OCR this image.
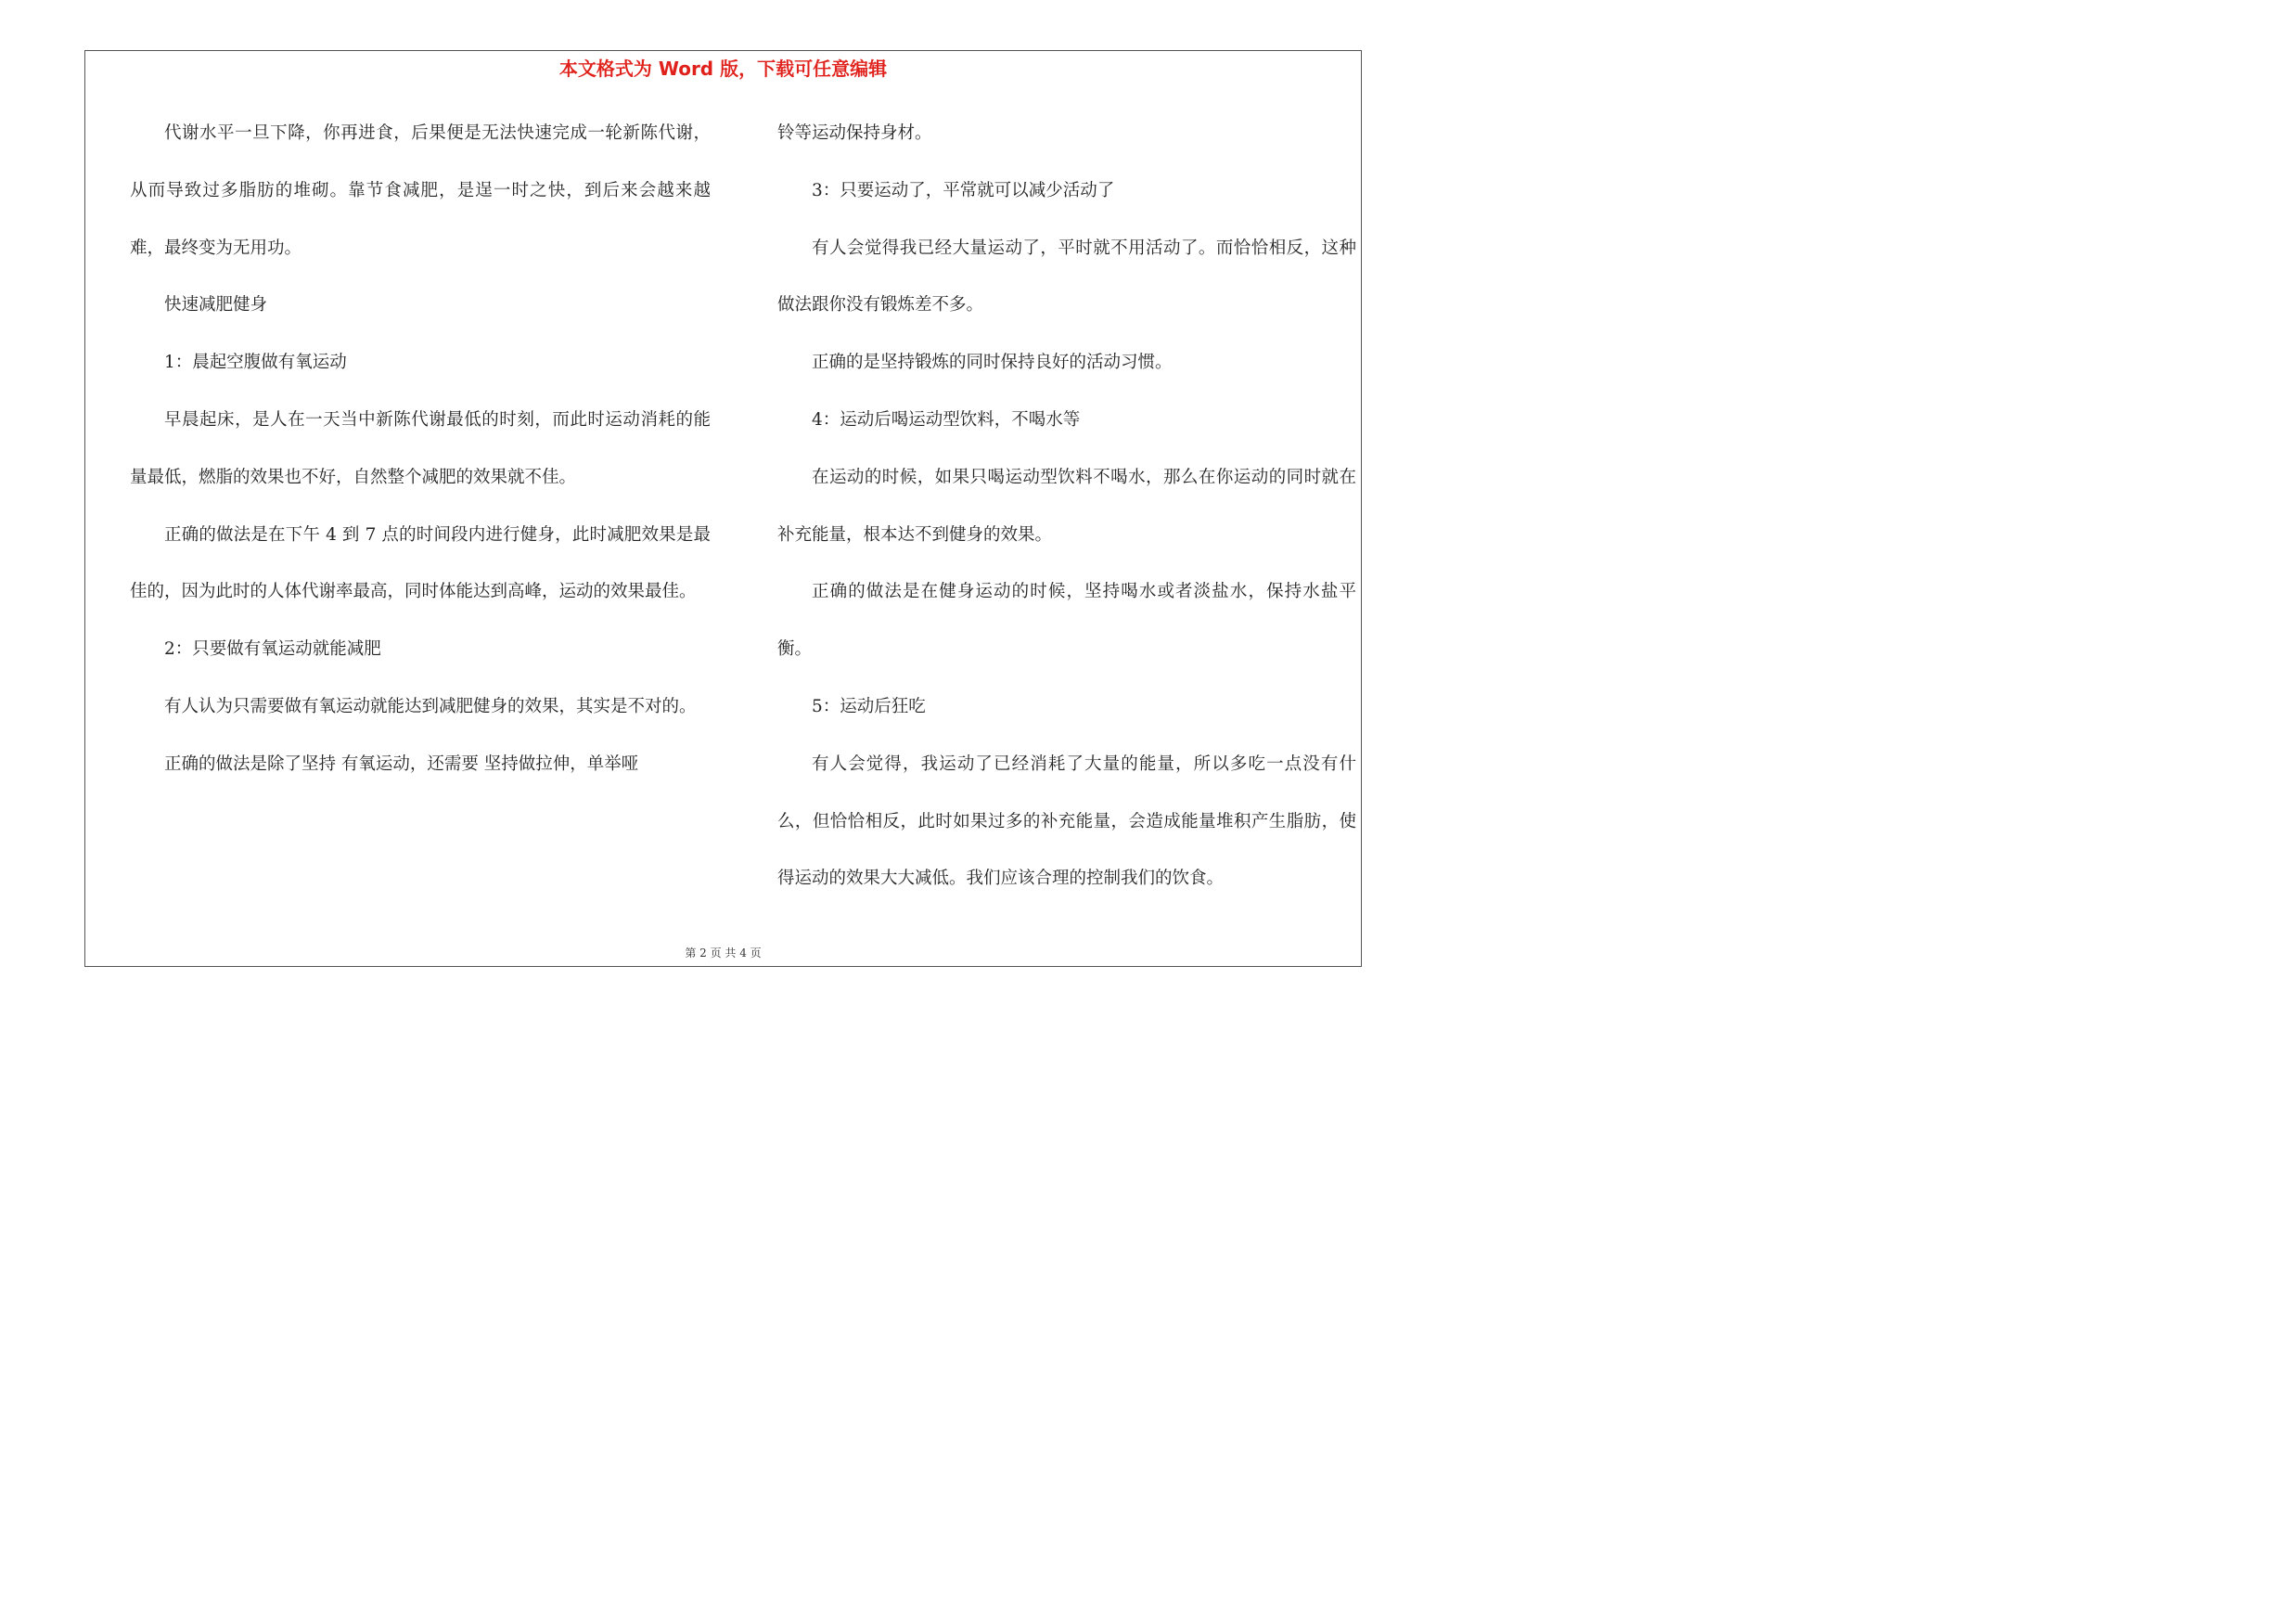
本文格式为 Word 版，下载可任意编辑

代谢水平一旦下降，你再进食，后果便是无法快速完成一轮新陈代谢，从而导致过多脂肪的堆砌。靠节食减肥，是逞一时之快，到后来会越来越难，最终变为无用功。

快速减肥健身

1：晨起空腹做有氧运动

早晨起床，是人在一天当中新陈代谢最低的时刻，而此时运动消耗的能量最低，燃脂的效果也不好，自然整个减肥的效果就不佳。

正确的做法是在下午 4 到 7 点的时间段内进行健身，此时减肥效果是最佳的，因为此时的人体代谢率最高，同时体能达到高峰，运动的效果最佳。

2：只要做有氧运动就能减肥

有人认为只需要做有氧运动就能达到减肥健身的效果，其实是不对的。

正确的做法是除了坚持 有氧运动，还需要 坚持做拉伸，单举哑

铃等运动保持身材。

3：只要运动了，平常就可以减少活动了

有人会觉得我已经大量运动了，平时就不用活动了。而恰恰相反，这种做法跟你没有锻炼差不多。

正确的是坚持锻炼的同时保持良好的活动习惯。

4：运动后喝运动型饮料，不喝水等

在运动的时候，如果只喝运动型饮料不喝水，那么在你运动的同时就在补充能量，根本达不到健身的效果。

正确的做法是在健身运动的时候，坚持喝水或者淡盐水，保持水盐平衡。

5：运动后狂吃

有人会觉得，我运动了已经消耗了大量的能量，所以多吃一点没有什么，但恰恰相反，此时如果过多的补充能量，会造成能量堆积产生脂肪，使得运动的效果大大减低。我们应该合理的控制我们的饮食。

第 2 页 共 4 页
